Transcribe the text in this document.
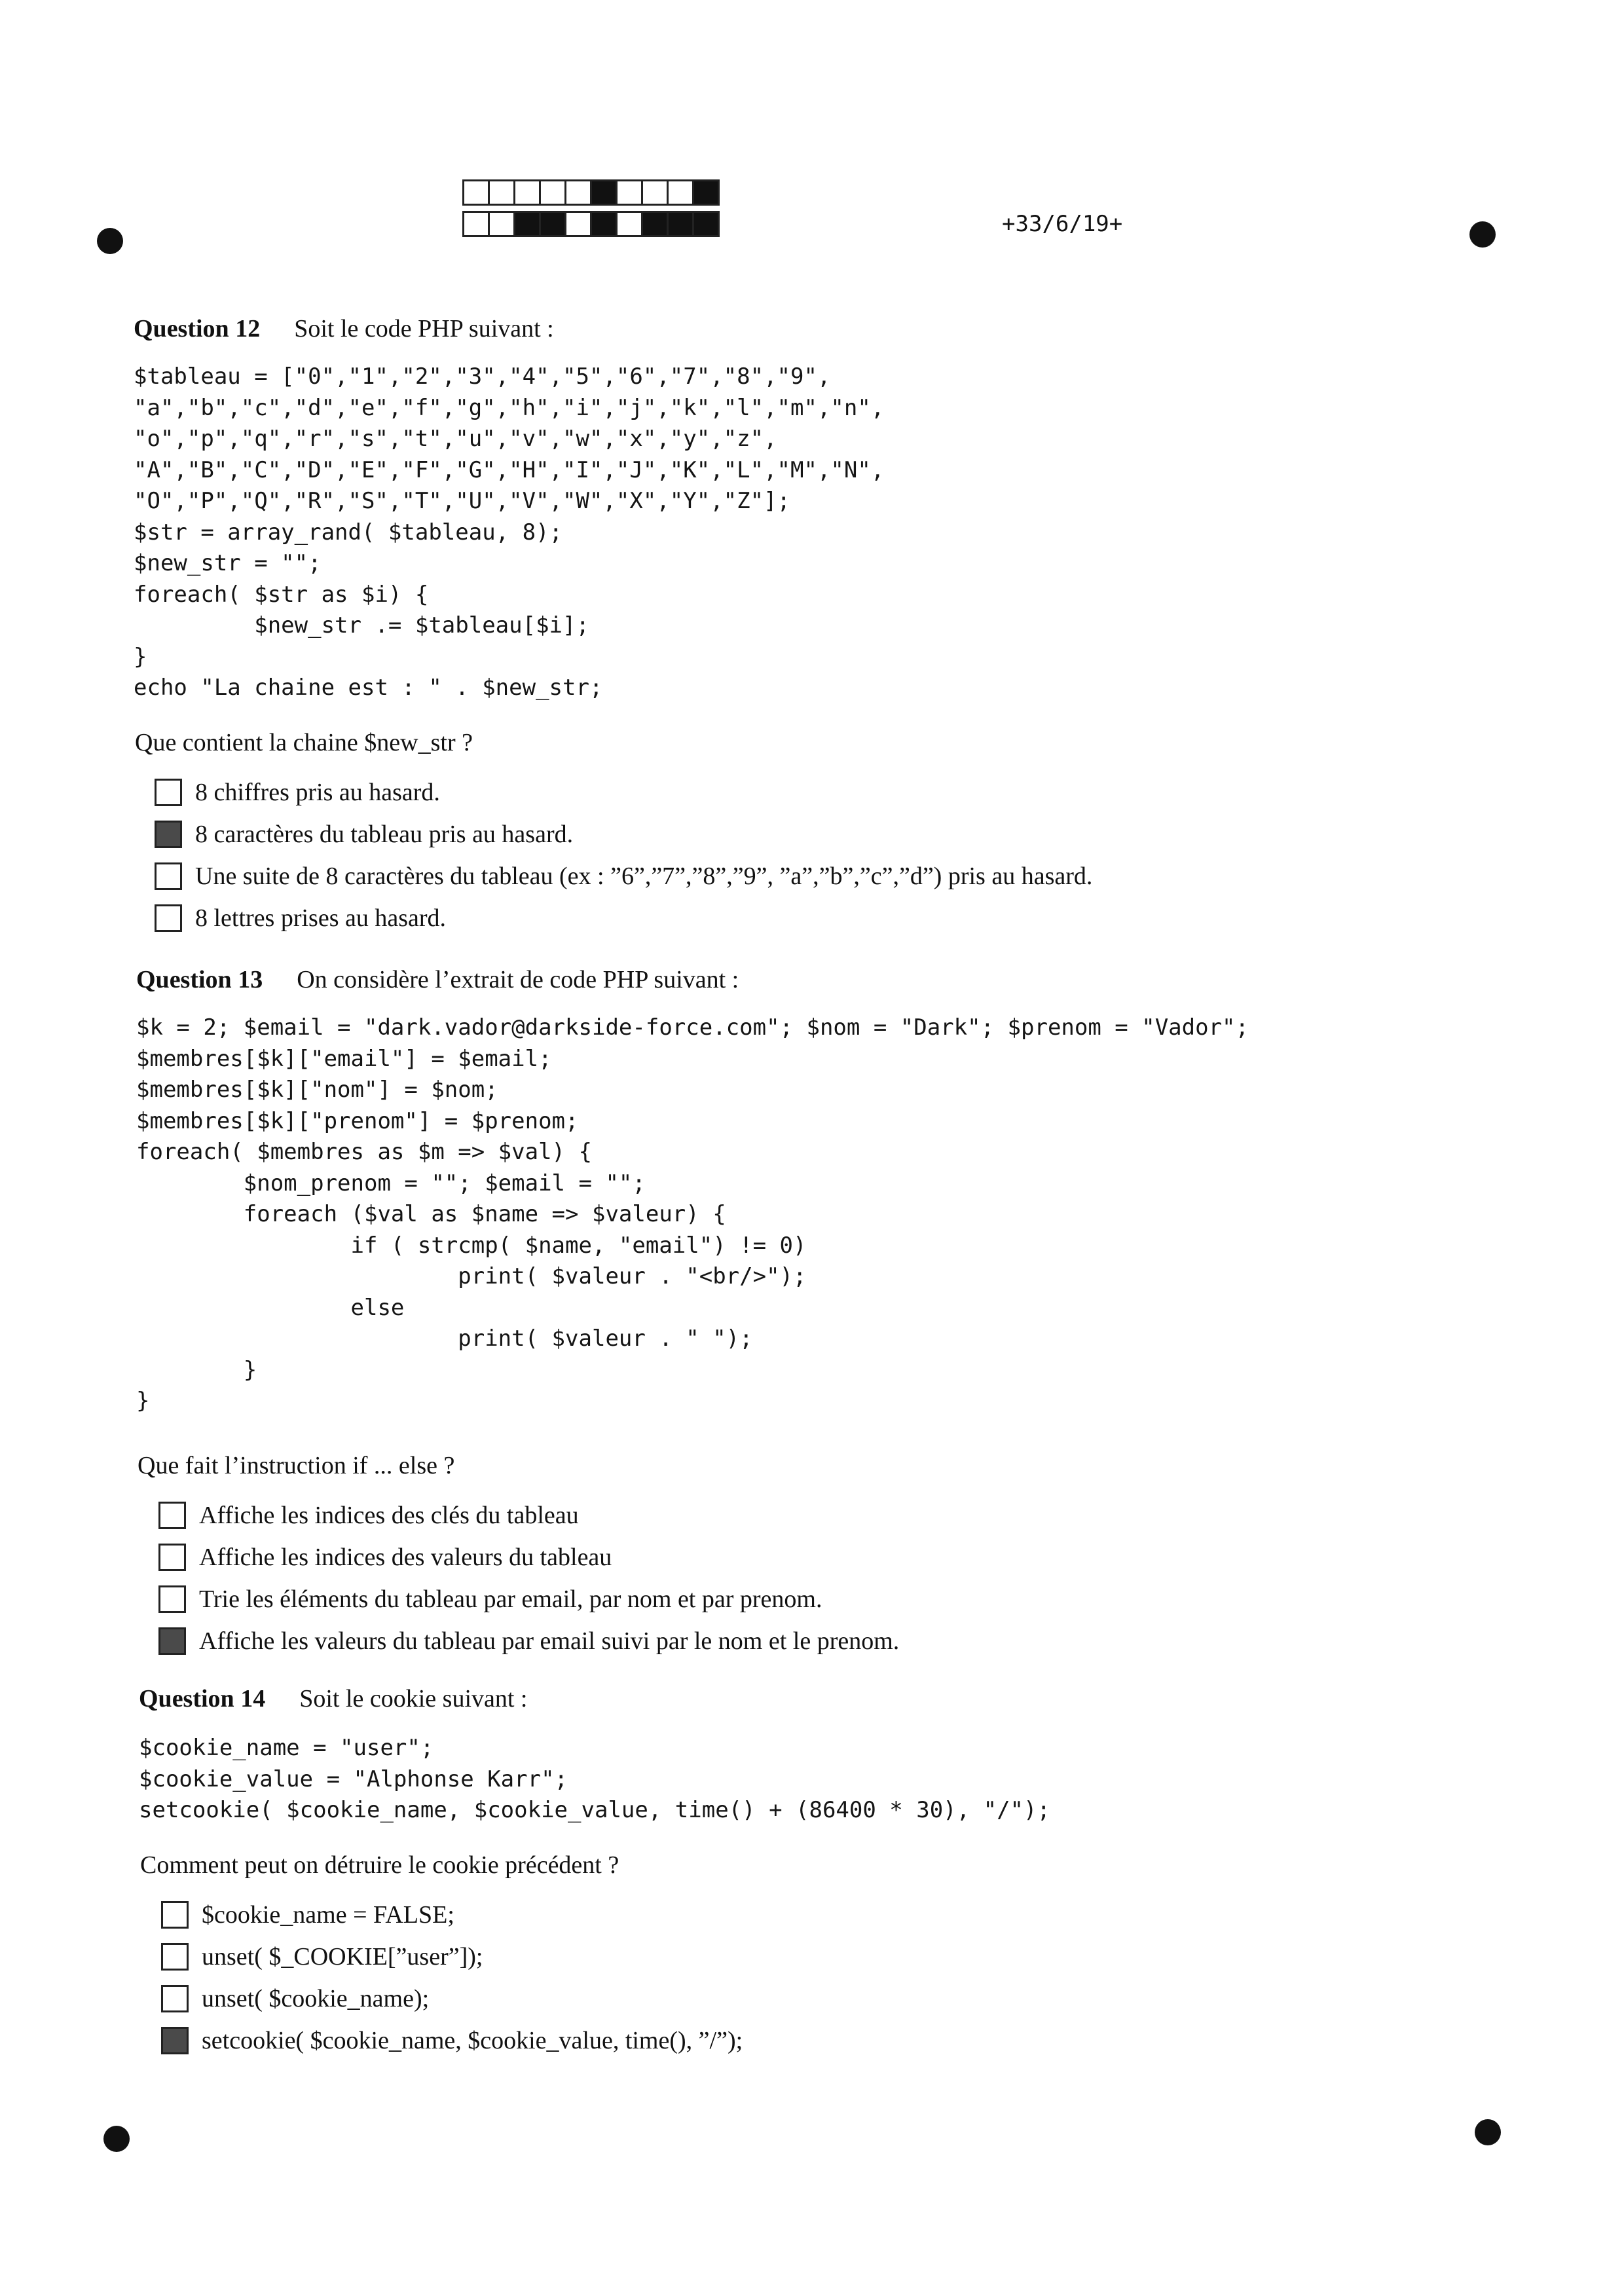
+33/6/19+
Question 12 Soit le code PHP suivant :
$tableau = ["0","1","2","3","4","5","6","7","8","9",
"a","b","c","d","e","f","g","h","i","j","k","l","m","n",
"o","p","q","r","s","t","u","v","w","x","y","z",
"A","B","C","D","E","F","G","H","I","J","K","L","M","N",
"O","P","Q","R","S","T","U","V","W","X","Y","Z"];
$str = array_rand( $tableau, 8);
$new_str = "";
foreach( $str as $i) {
$new_str .= $tableau[$i];
}
echo "La chaine est : " . $new_str;
Que contient la chaine $new_str ?
8 chiffres pris au hasard.
8 caractères du tableau pris au hasard.
Une suite de 8 caractères du tableau (ex : ”6”,”7”,”8”,”9”, ”a”,”b”,”c”,”d”) pris au hasard.
8 lettres prises au hasard.
Question 13 On considère l’extrait de code PHP suivant :
$k = 2; $email = "dark.vador@darkside-force.com"; $nom = "Dark"; $prenom = "Vador";
$membres[$k]["email"] = $email;
$membres[$k]["nom"] = $nom;
$membres[$k]["prenom"] = $prenom;
foreach( $membres as $m => $val) {
$nom_prenom = ""; $email = "";
foreach ($val as $name => $valeur) {
if ( strcmp( $name, "email") != 0)
print( $valeur . "<br/>");
else
print( $valeur . " ");
}
}
Que fait l’instruction if ... else ?
Affiche les indices des clés du tableau
Affiche les indices des valeurs du tableau
Trie les éléments du tableau par email, par nom et par prenom.
Affiche les valeurs du tableau par email suivi par le nom et le prenom.
Question 14 Soit le cookie suivant :
$cookie_name = "user";
$cookie_value = "Alphonse Karr";
setcookie( $cookie_name, $cookie_value, time() + (86400 * 30), "/");
Comment peut on détruire le cookie précédent ?
$cookie_name = FALSE;
unset( $_COOKIE[”user”]);
unset( $cookie_name);
setcookie( $cookie_name, $cookie_value, time(), ”/”);
